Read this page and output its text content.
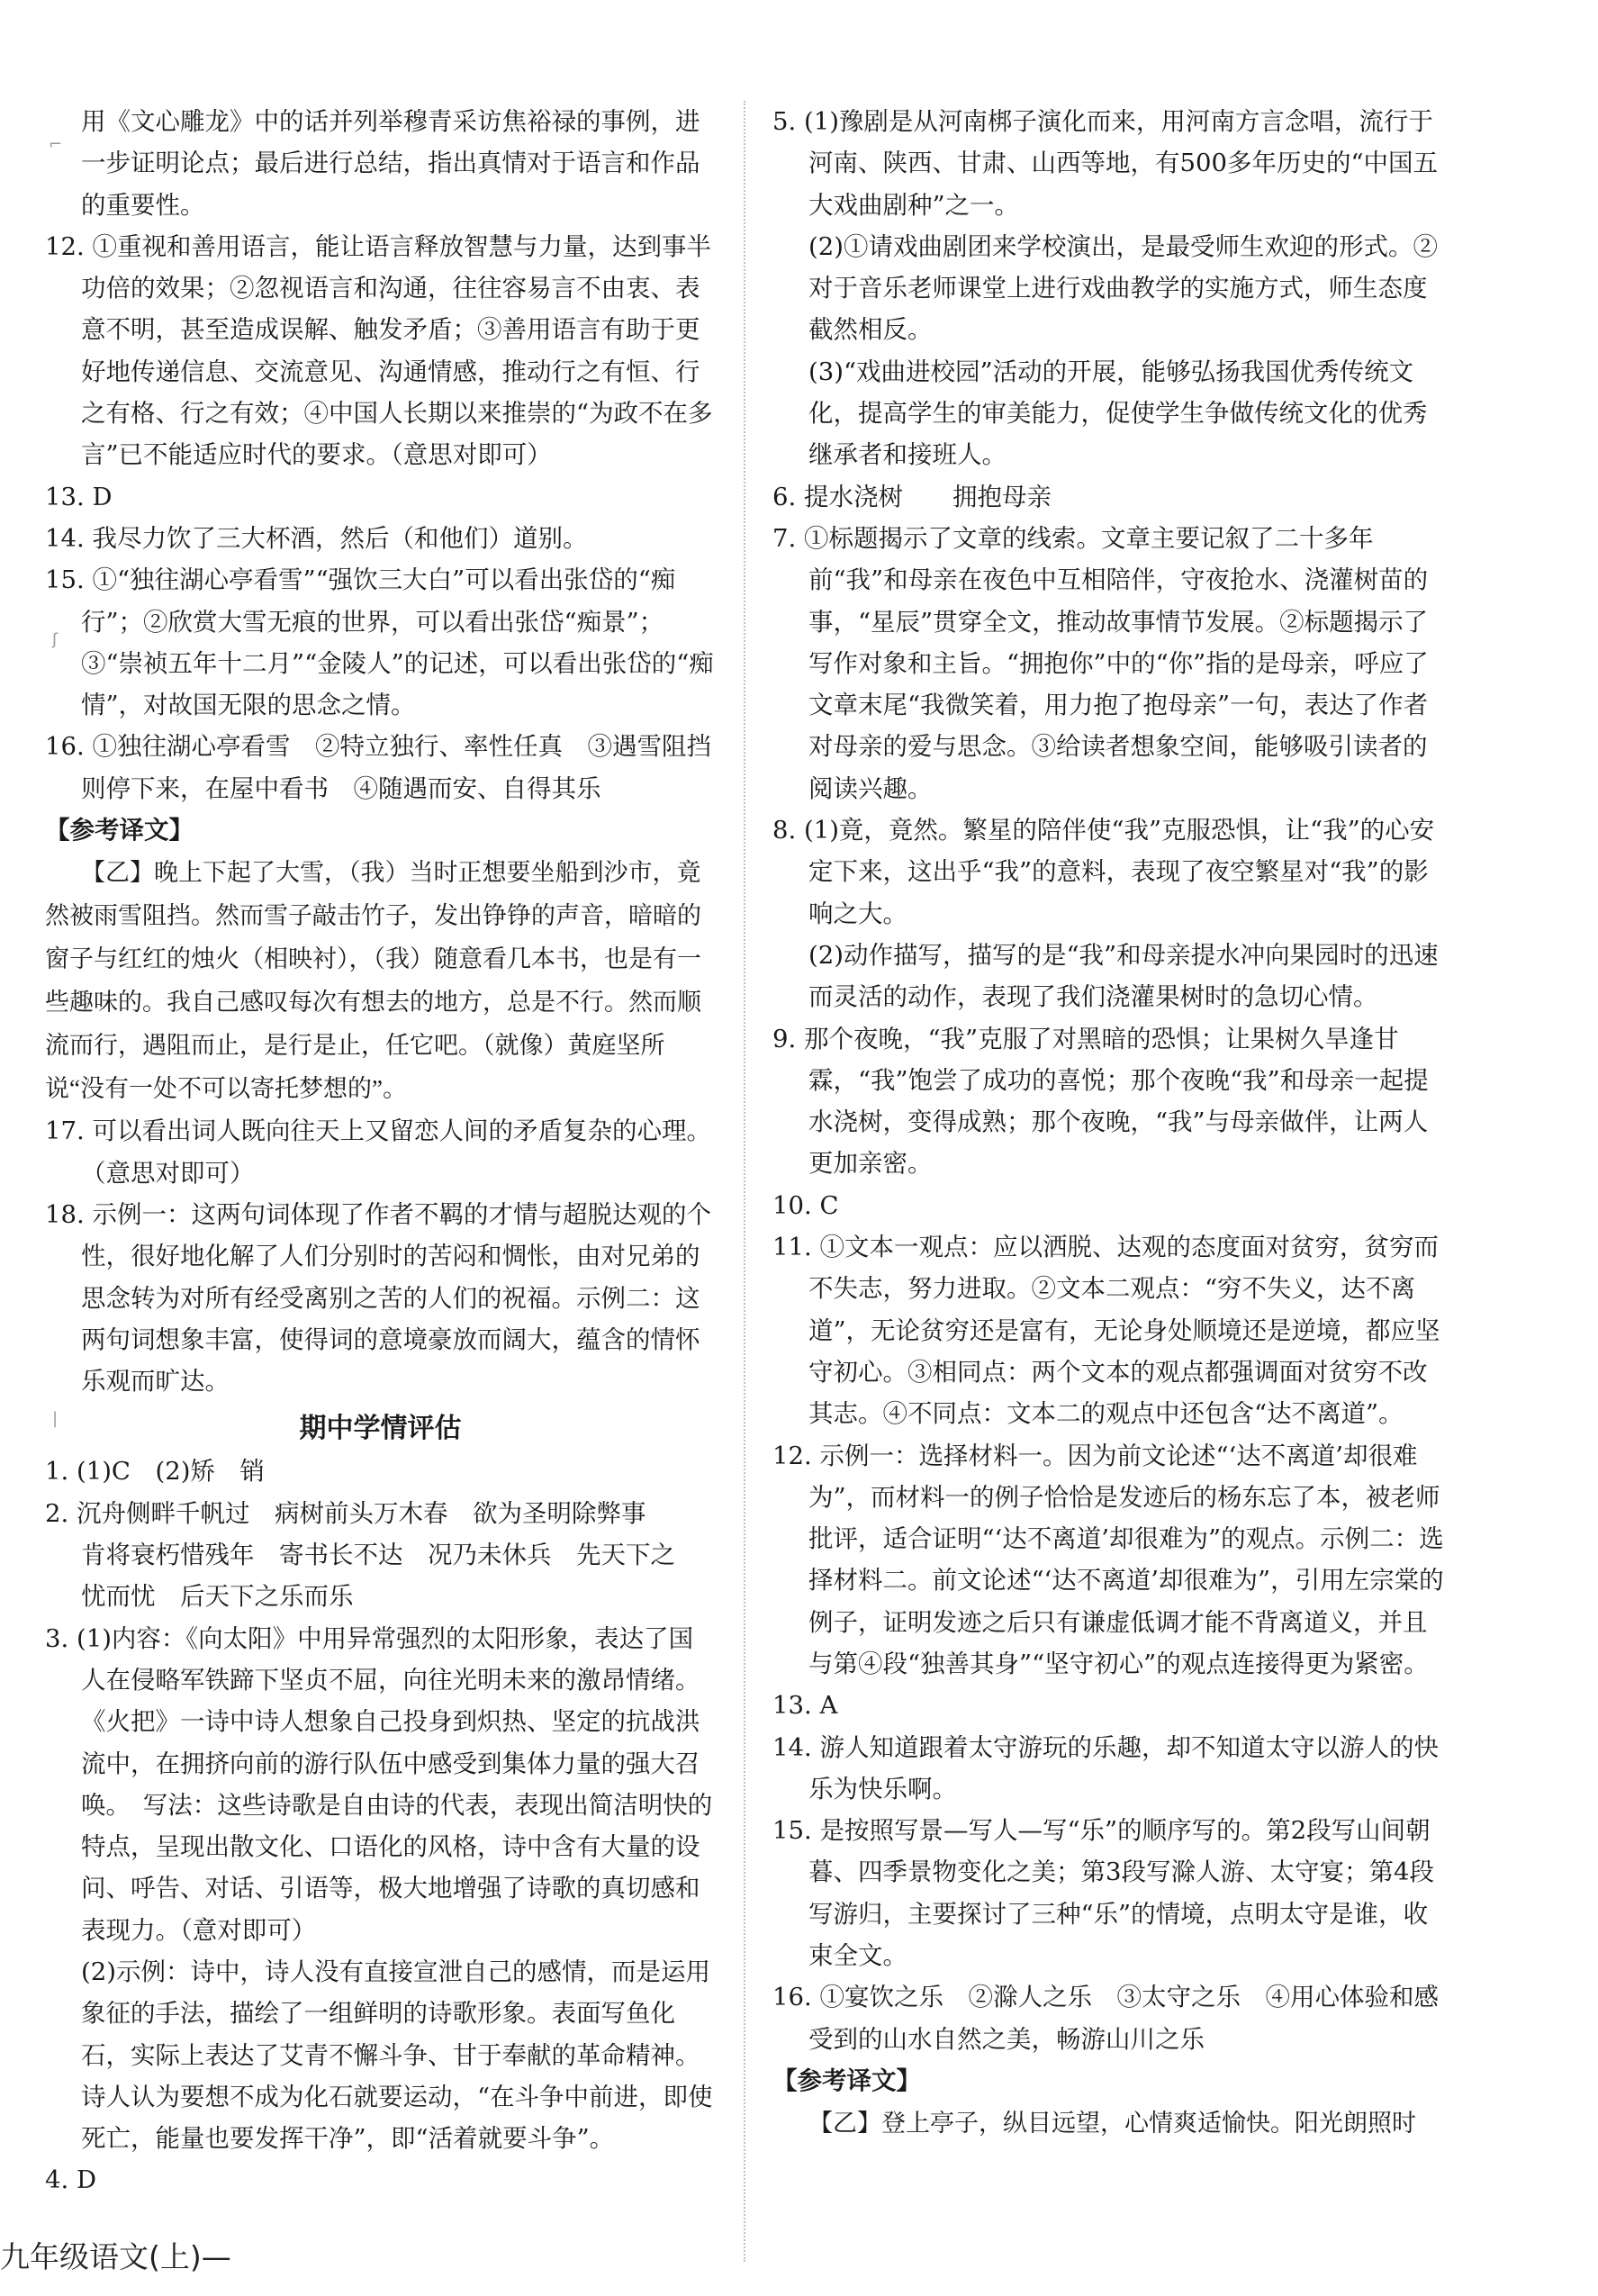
⌐
ʃ
|

用《文心雕龙》中的话并列举穆青采访焦裕禄的事例，进一步证明论点；最后进行总结，指出真情对于语言和作品的重要性。

12. ①重视和善用语言，能让语言释放智慧与力量，达到事半功倍的效果；②忽视语言和沟通，往往容易言不由衷、表意不明，甚至造成误解、触发矛盾；③善用语言有助于更好地传递信息、交流意见、沟通情感，推动行之有恒、行之有格、行之有效；④中国人长期以来推崇的“为政不在多言”已不能适应时代的要求。（意思对即可）

13. D

14. 我尽力饮了三大杯酒，然后（和他们）道别。

15. ①“独往湖心亭看雪”“强饮三大白”可以看出张岱的“痴行”；②欣赏大雪无痕的世界，可以看出张岱“痴景”；③“崇祯五年十二月”“金陵人”的记述，可以看出张岱的“痴情”，对故国无限的思念之情。

16. ①独往湖心亭看雪　②特立独行、率性任真　③遇雪阻挡则停下来，在屋中看书　④随遇而安、自得其乐

【参考译文】

【乙】晚上下起了大雪，（我）当时正想要坐船到沙市，竟然被雨雪阻挡。然而雪子敲击竹子，发出铮铮的声音，暗暗的窗子与红红的烛火（相映衬），（我）随意看几本书，也是有一些趣味的。我自己感叹每次有想去的地方，总是不行。然而顺流而行，遇阻而止，是行是止，任它吧。（就像）黄庭坚所说“没有一处不可以寄托梦想的”。

17. 可以看出词人既向往天上又留恋人间的矛盾复杂的心理。（意思对即可）

18. 示例一：这两句词体现了作者不羁的才情与超脱达观的个性，很好地化解了人们分别时的苦闷和惆怅，由对兄弟的思念转为对所有经受离别之苦的人们的祝福。示例二：这两句词想象丰富，使得词的意境豪放而阔大，蕴含的情怀乐观而旷达。

期中学情评估

1. (1)C　(2)矫　销

2. 沉舟侧畔千帆过　病树前头万木春　欲为圣明除弊事

肯将衰朽惜残年　寄书长不达　况乃未休兵　先天下之

忧而忧　后天下之乐而乐

3. (1)内容：《向太阳》中用异常强烈的太阳形象，表达了国人在侵略军铁蹄下坚贞不屈，向往光明未来的激昂情绪。《火把》一诗中诗人想象自己投身到炽热、坚定的抗战洪流中，在拥挤向前的游行队伍中感受到集体力量的强大召唤。　写法：这些诗歌是自由诗的代表，表现出简洁明快的特点，呈现出散文化、口语化的风格，诗中含有大量的设问、呼告、对话、引语等，极大地增强了诗歌的真切感和表现力。（意对即可）

(2)示例：诗中，诗人没有直接宣泄自己的感情，而是运用象征的手法，描绘了一组鲜明的诗歌形象。表面写鱼化石，实际上表达了艾青不懈斗争、甘于奉献的革命精神。诗人认为要想不成为化石就要运动，“在斗争中前进，即使死亡，能量也要发挥干净”，即“活着就要斗争”。

4. D

5. (1)豫剧是从河南梆子演化而来，用河南方言念唱，流行于河南、陕西、甘肃、山西等地，有500多年历史的“中国五大戏曲剧种”之一。

(2)①请戏曲剧团来学校演出，是最受师生欢迎的形式。②对于音乐老师课堂上进行戏曲教学的实施方式，师生态度截然相反。

(3)“戏曲进校园”活动的开展，能够弘扬我国优秀传统文化，提高学生的审美能力，促使学生争做传统文化的优秀继承者和接班人。

6. 提水浇树　　拥抱母亲

7. ①标题揭示了文章的线索。文章主要记叙了二十多年前“我”和母亲在夜色中互相陪伴，守夜抢水、浇灌树苗的事，“星辰”贯穿全文，推动故事情节发展。②标题揭示了写作对象和主旨。“拥抱你”中的“你”指的是母亲，呼应了文章末尾“我微笑着，用力抱了抱母亲”一句，表达了作者对母亲的爱与思念。③给读者想象空间，能够吸引读者的阅读兴趣。

8. (1)竟，竟然。繁星的陪伴使“我”克服恐惧，让“我”的心安定下来，这出乎“我”的意料，表现了夜空繁星对“我”的影响之大。

(2)动作描写，描写的是“我”和母亲提水冲向果园时的迅速而灵活的动作，表现了我们浇灌果树时的急切心情。

9. 那个夜晚，“我”克服了对黑暗的恐惧；让果树久旱逢甘霖，“我”饱尝了成功的喜悦；那个夜晚“我”和母亲一起提水浇树，变得成熟；那个夜晚，“我”与母亲做伴，让两人更加亲密。

10. C

11. ①文本一观点：应以洒脱、达观的态度面对贫穷，贫穷而不失志，努力进取。②文本二观点：“穷不失义，达不离道”，无论贫穷还是富有，无论身处顺境还是逆境，都应坚守初心。③相同点：两个文本的观点都强调面对贫穷不改其志。④不同点：文本二的观点中还包含“达不离道”。

12. 示例一：选择材料一。因为前文论述“‘达不离道’却很难为”，而材料一的例子恰恰是发迹后的杨东忘了本，被老师批评，适合证明“‘达不离道’却很难为”的观点。示例二：选择材料二。前文论述“‘达不离道’却很难为”，引用左宗棠的例子，证明发迹之后只有谦虚低调才能不背离道义，并且与第④段“独善其身”“坚守初心”的观点连接得更为紧密。

13. A

14. 游人知道跟着太守游玩的乐趣，却不知道太守以游人的快乐为快乐啊。

15. 是按照写景—写人—写“乐”的顺序写的。第2段写山间朝暮、四季景物变化之美；第3段写滁人游、太守宴；第4段写游归，主要探讨了三种“乐”的情境，点明太守是谁，收束全文。

16. ①宴饮之乐　②滁人之乐　③太守之乐　④用心体验和感受到的山水自然之美，畅游山川之乐

【参考译文】

【乙】登上亭子，纵目远望，心情爽适愉快。阳光朗照时

九年级语文(上)—
